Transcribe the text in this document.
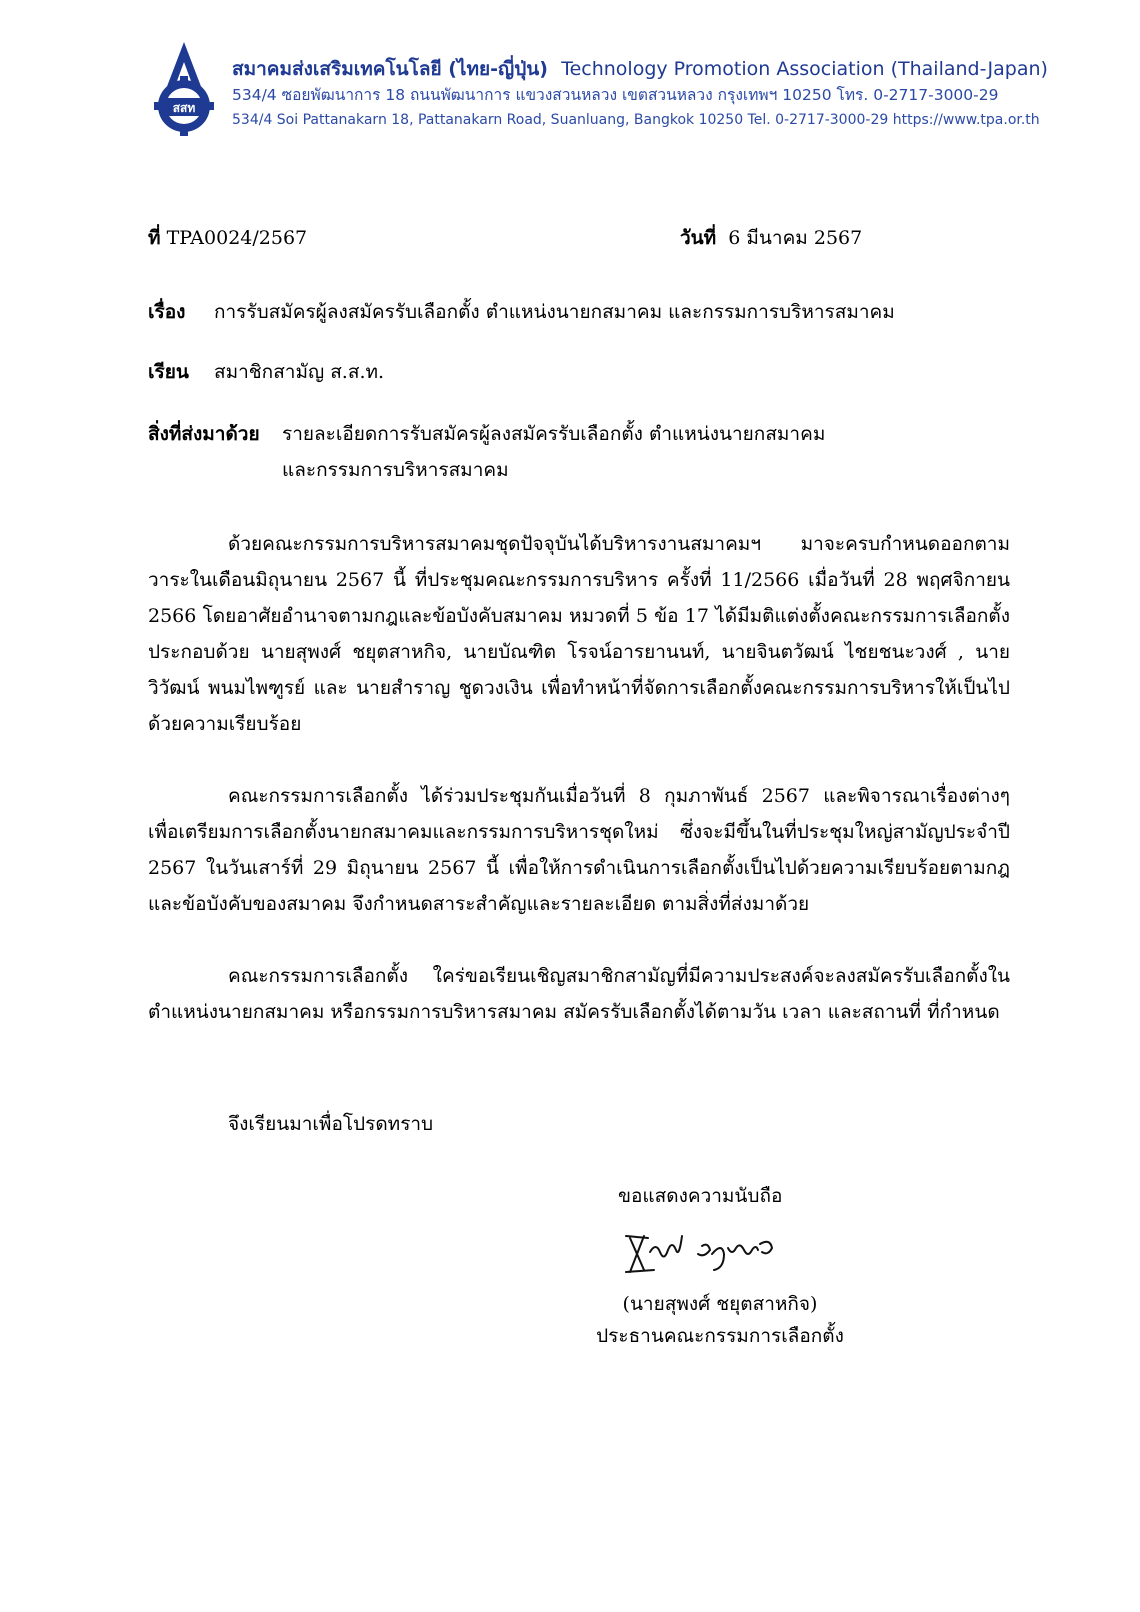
สสท
สมาคมส่งเสริมเทคโนโลยี (ไทย-ญี่ปุ่น) Technology Promotion Association (Thailand-Japan)
534/4 ซอยพัฒนาการ 18 ถนนพัฒนาการ แขวงสวนหลวง เขตสวนหลวง กรุงเทพฯ 10250 โทร. 0-2717-3000-29
534/4 Soi Pattanakarn 18, Pattanakarn Road, Suanluang, Bangkok 10250 Tel. 0-2717-3000-29 https://www.tpa.or.th
ที่ TPA0024/2567	วันที่ 6 มีนาคม 2567
เรื่อง การรับสมัครผู้ลงสมัครรับเลือกตั้ง ตำแหน่งนายกสมาคม และกรรมการบริหารสมาคม
เรียน สมาชิกสามัญ ส.ส.ท.
สิ่งที่ส่งมาด้วย รายละเอียดการรับสมัครผู้ลงสมัครรับเลือกตั้ง ตำแหน่งนายกสมาคม
และกรรมการบริหารสมาคม

ด้วยคณะกรรมการบริหารสมาคมชุดปัจจุบันได้บริหารงานสมาคมฯ มาจะครบกำหนดออกตามวาระในเดือนมิถุนายน 2567 นี้ ที่ประชุมคณะกรรมการบริหาร ครั้งที่ 11/2566 เมื่อวันที่ 28 พฤศจิกายน 2566 โดยอาศัยอำนาจตามกฎและข้อบังคับสมาคม หมวดที่ 5 ข้อ 17 ได้มีมติแต่งตั้งคณะกรรมการเลือกตั้ง ประกอบด้วย นายสุพงศ์ ชยุตสาหกิจ, นายบัณฑิต โรจน์อารยานนท์, นายจินตวัฒน์ ไชยชนะวงศ์ , นายวิวัฒน์ พนมไพฑูรย์ และ นายสำราญ ชูดวงเงิน เพื่อทำหน้าที่จัดการเลือกตั้งคณะกรรมการบริหารให้เป็นไปด้วยความเรียบร้อย

คณะกรรมการเลือกตั้ง ได้ร่วมประชุมกันเมื่อวันที่ 8 กุมภาพันธ์ 2567 และพิจารณาเรื่องต่างๆ เพื่อเตรียมการเลือกตั้งนายกสมาคมและกรรมการบริหารชุดใหม่ ซึ่งจะมีขึ้นในที่ประชุมใหญ่สามัญประจำปี 2567 ในวันเสาร์ที่ 29 มิถุนายน 2567 นี้ เพื่อให้การดำเนินการเลือกตั้งเป็นไปด้วยความเรียบร้อยตามกฎและข้อบังคับของสมาคม จึงกำหนดสาระสำคัญและรายละเอียด ตามสิ่งที่ส่งมาด้วย

คณะกรรมการเลือกตั้ง ใคร่ขอเรียนเชิญสมาชิกสามัญที่มีความประสงค์จะลงสมัครรับเลือกตั้งในตำแหน่งนายกสมาคม หรือกรรมการบริหารสมาคม สมัครรับเลือกตั้งได้ตามวัน เวลา และสถานที่ ที่กำหนด

จึงเรียนมาเพื่อโปรดทราบ
ขอแสดงความนับถือ
(นายสุพงศ์ ชยุตสาหกิจ)
ประธานคณะกรรมการเลือกตั้ง
